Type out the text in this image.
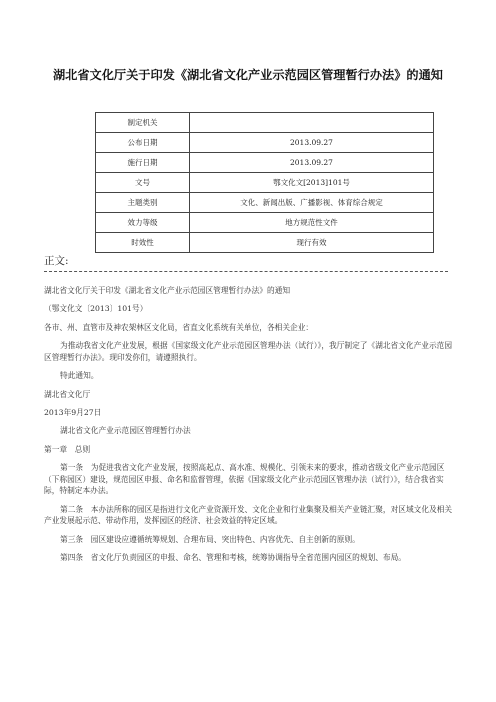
湖北省文化厅关于印发《湖北省文化产业示范园区管理暂行办法》的通知
制定机关	
公布日期	2013.09.27
施行日期	2013.09.27
文号	鄂文化文[2013]101号
主题类别	文化、新闻出版、广播影视、体育综合规定
效力等级	地方规范性文件
时效性	现行有效
正文:

湖北省文化厅关于印发《湖北省文化产业示范园区管理暂行办法》的通知

（鄂文化文〔2013〕101号）

各市、州、直管市及神农架林区文化局，省直文化系统有关单位，各相关企业：

为推动我省文化产业发展，根据《国家级文化产业示范园区管理办法（试行）》，我厅制定了《湖北省文化产业示范园区管理暂行办法》。现印发你们，请遵照执行。

特此通知。

湖北省文化厅

2013年9月27日

湖北省文化产业示范园区管理暂行办法

第一章　总则

第一条　为促进我省文化产业发展，按照高起点、高水准、规模化、引领未来的要求，推动省级文化产业示范园区（下称园区）建设，规范园区申报、命名和监督管理，依据《国家级文化产业示范园区管理办法（试行）》，结合我省实际，特制定本办法。

第二条　本办法所称的园区是指进行文化产业资源开发、文化企业和行业集聚及相关产业链汇聚，对区域文化及相关产业发展起示范、带动作用，发挥园区的经济、社会效益的特定区域。

第三条　园区建设应遵循统筹规划、合理布局、突出特色、内容优先、自主创新的原则。

第四条　省文化厅负责园区的申报、命名、管理和考核，统筹协调指导全省范围内园区的规划、布局。
